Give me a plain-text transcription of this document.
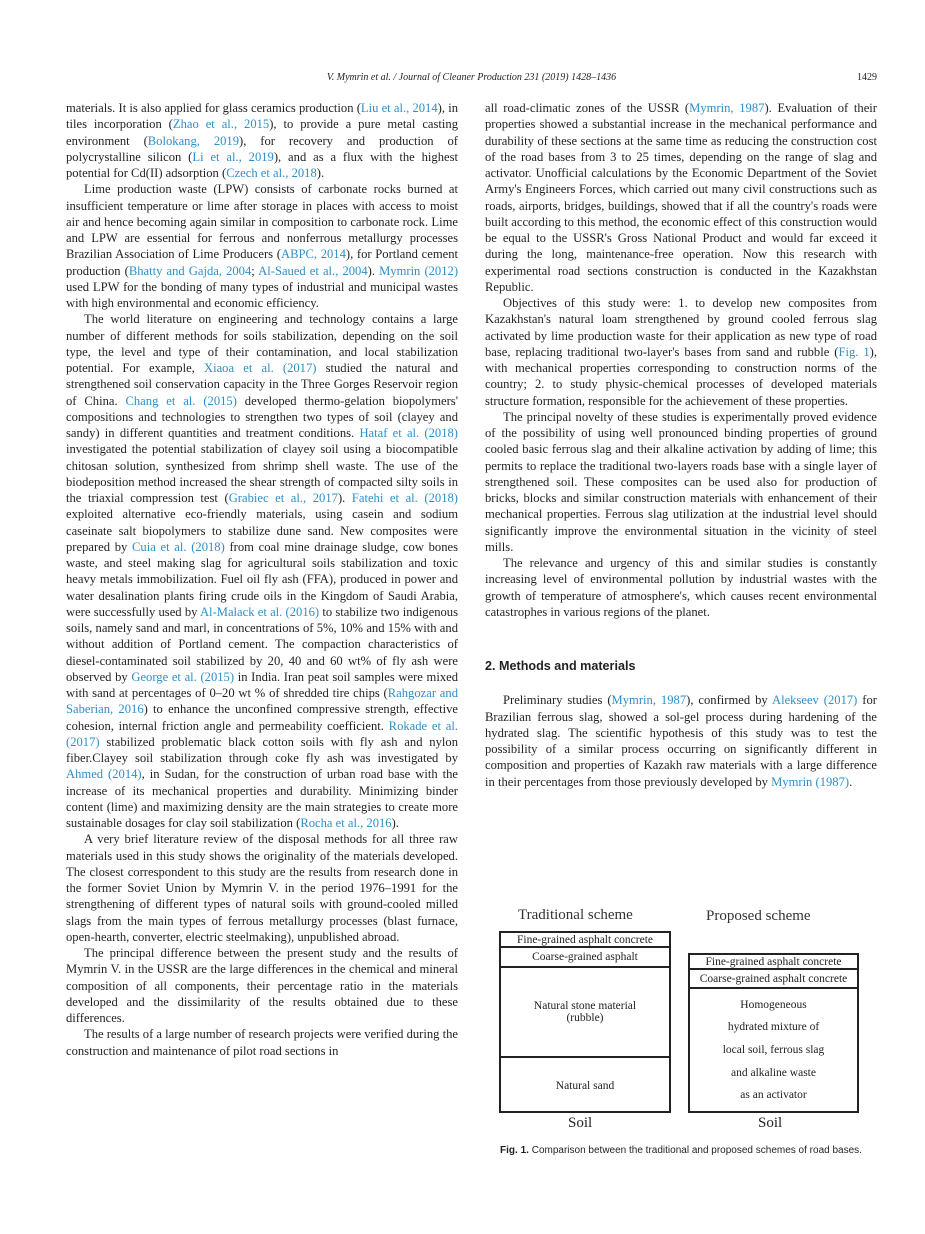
V. Mymrin et al. / Journal of Cleaner Production 231 (2019) 1428–1436	1429

materials. It is also applied for glass ceramics production (Liu et al., 2014), in tiles incorporation (Zhao et al., 2015), to provide a pure metal casting environment (Bolokang, 2019), for recovery and production of polycrystalline silicon (Li et al., 2019), and as a flux with the highest potential for Cd(II) adsorption (Czech et al., 2018).

Lime production waste (LPW) consists of carbonate rocks burned at insufficient temperature or lime after storage in places with access to moist air and hence becoming again similar in composition to carbonate rock. Lime and LPW are essential for ferrous and nonferrous metallurgy processes Brazilian Association of Lime Producers (ABPC, 2014), for Portland cement production (Bhatty and Gajda, 2004; Al-Saued et al., 2004). Mymrin (2012) used LPW for the bonding of many types of industrial and municipal wastes with high environmental and economic efficiency.

The world literature on engineering and technology contains a large number of different methods for soils stabilization, depending on the soil type, the level and type of their contamination, and local stabilization potential. For example, Xiaoa et al. (2017) studied the natural and strengthened soil conservation capacity in the Three Gorges Reservoir region of China. Chang et al. (2015) developed thermo-gelation biopolymers' compositions and technologies to strengthen two types of soil (clayey and sandy) in different quantities and treatment conditions. Hataf et al. (2018) investigated the potential stabilization of clayey soil using a biocompatible chitosan solution, synthesized from shrimp shell waste. The use of the biodeposition method increased the shear strength of compacted silty soils in the triaxial compression test (Grabiec et al., 2017). Fatehi et al. (2018) exploited alternative eco-friendly materials, using casein and sodium caseinate salt biopolymers to stabilize dune sand. New composites were prepared by Cuia et al. (2018) from coal mine drainage sludge, cow bones waste, and steel making slag for agricultural soils stabilization and toxic heavy metals immobilization. Fuel oil fly ash (FFA), produced in power and water desalination plants firing crude oils in the Kingdom of Saudi Arabia, were successfully used by Al-Malack et al. (2016) to stabilize two indigenous soils, namely sand and marl, in concentrations of 5%, 10% and 15% with and without addition of Portland cement. The compaction characteristics of diesel-contaminated soil stabilized by 20, 40 and 60 wt% of fly ash were observed by George et al. (2015) in India. Iran peat soil samples were mixed with sand at percentages of 0–20 wt % of shredded tire chips (Rahgozar and Saberian, 2016) to enhance the unconfined compressive strength, effective cohesion, internal friction angle and permeability coefficient. Rokade et al. (2017) stabilized problematic black cotton soils with fly ash and nylon fiber.Clayey soil stabilization through coke fly ash was investigated by Ahmed (2014), in Sudan, for the construction of urban road base with the increase of its mechanical properties and durability. Minimizing binder content (lime) and maximizing density are the main strategies to create more sustainable dosages for clay soil stabilization (Rocha et al., 2016).

A very brief literature review of the disposal methods for all three raw materials used in this study shows the originality of the materials developed. The closest correspondent to this study are the results from research done in the former Soviet Union by Mymrin V. in the period 1976–1991 for the strengthening of different types of natural soils with ground-cooled milled slags from the main types of ferrous metallurgy processes (blast furnace, open-hearth, converter, electric steelmaking), unpublished abroad.

The principal difference between the present study and the results of Mymrin V. in the USSR are the large differences in the chemical and mineral composition of all components, their percentage ratio in the materials developed and the dissimilarity of the results obtained due to these differences.

The results of a large number of research projects were verified during the construction and maintenance of pilot road sections in

all road-climatic zones of the USSR (Mymrin, 1987). Evaluation of their properties showed a substantial increase in the mechanical performance and durability of these sections at the same time as reducing the construction cost of the road bases from 3 to 25 times, depending on the range of slag and activator. Unofficial calculations by the Economic Department of the Soviet Army's Engineers Forces, which carried out many civil constructions such as roads, airports, bridges, buildings, showed that if all the country's roads were built according to this method, the economic effect of this construction would be equal to the USSR's Gross National Product and would far exceed it during the long, maintenance-free operation. Now this research with experimental road sections construction is conducted in the Kazakhstan Republic.

Objectives of this study were: 1. to develop new composites from Kazakhstan's natural loam strengthened by ground cooled ferrous slag activated by lime production waste for their application as new type of road base, replacing traditional two-layer's bases from sand and rubble (Fig. 1), with mechanical properties corresponding to construction norms of the country; 2. to study physic-chemical processes of developed materials structure formation, responsible for the achievement of these properties.

The principal novelty of these studies is experimentally proved evidence of the possibility of using well pronounced binding properties of ground cooled basic ferrous slag and their alkaline activation by adding of lime; this permits to replace the traditional two-layers roads base with a single layer of strengthened soil. These composites can be used also for production of bricks, blocks and similar construction materials with enhancement of their mechanical properties. Ferrous slag utilization at the industrial level should significantly improve the environmental situation in the vicinity of steel mills.

The relevance and urgency of this and similar studies is constantly increasing level of environmental pollution by industrial wastes with the growth of temperature of atmosphere's, which causes recent environmental catastrophes in various regions of the planet.

2. Methods and materials

Preliminary studies (Mymrin, 1987), confirmed by Alekseev (2017) for Brazilian ferrous slag, showed a sol-gel process during hardening of the hydrated slag. The scientific hypothesis of this study was to test the possibility of a similar process occurring on significantly different in composition and properties of Kazakh raw materials with a large difference in their percentages from those previously developed by Mymrin (1987).

Traditional scheme	Proposed scheme
Fine-grained asphalt concrete
Coarse-grained asphalt
Natural stone material
(rubble)
Natural sand
Fine-grained asphalt concrete
Coarse-grained asphalt concrete
Homogeneous
hydrated mixture of
local soil, ferrous slag
and alkaline waste
as an activator
Soil	Soil
Fig. 1. Comparison between the traditional and proposed schemes of road bases.
